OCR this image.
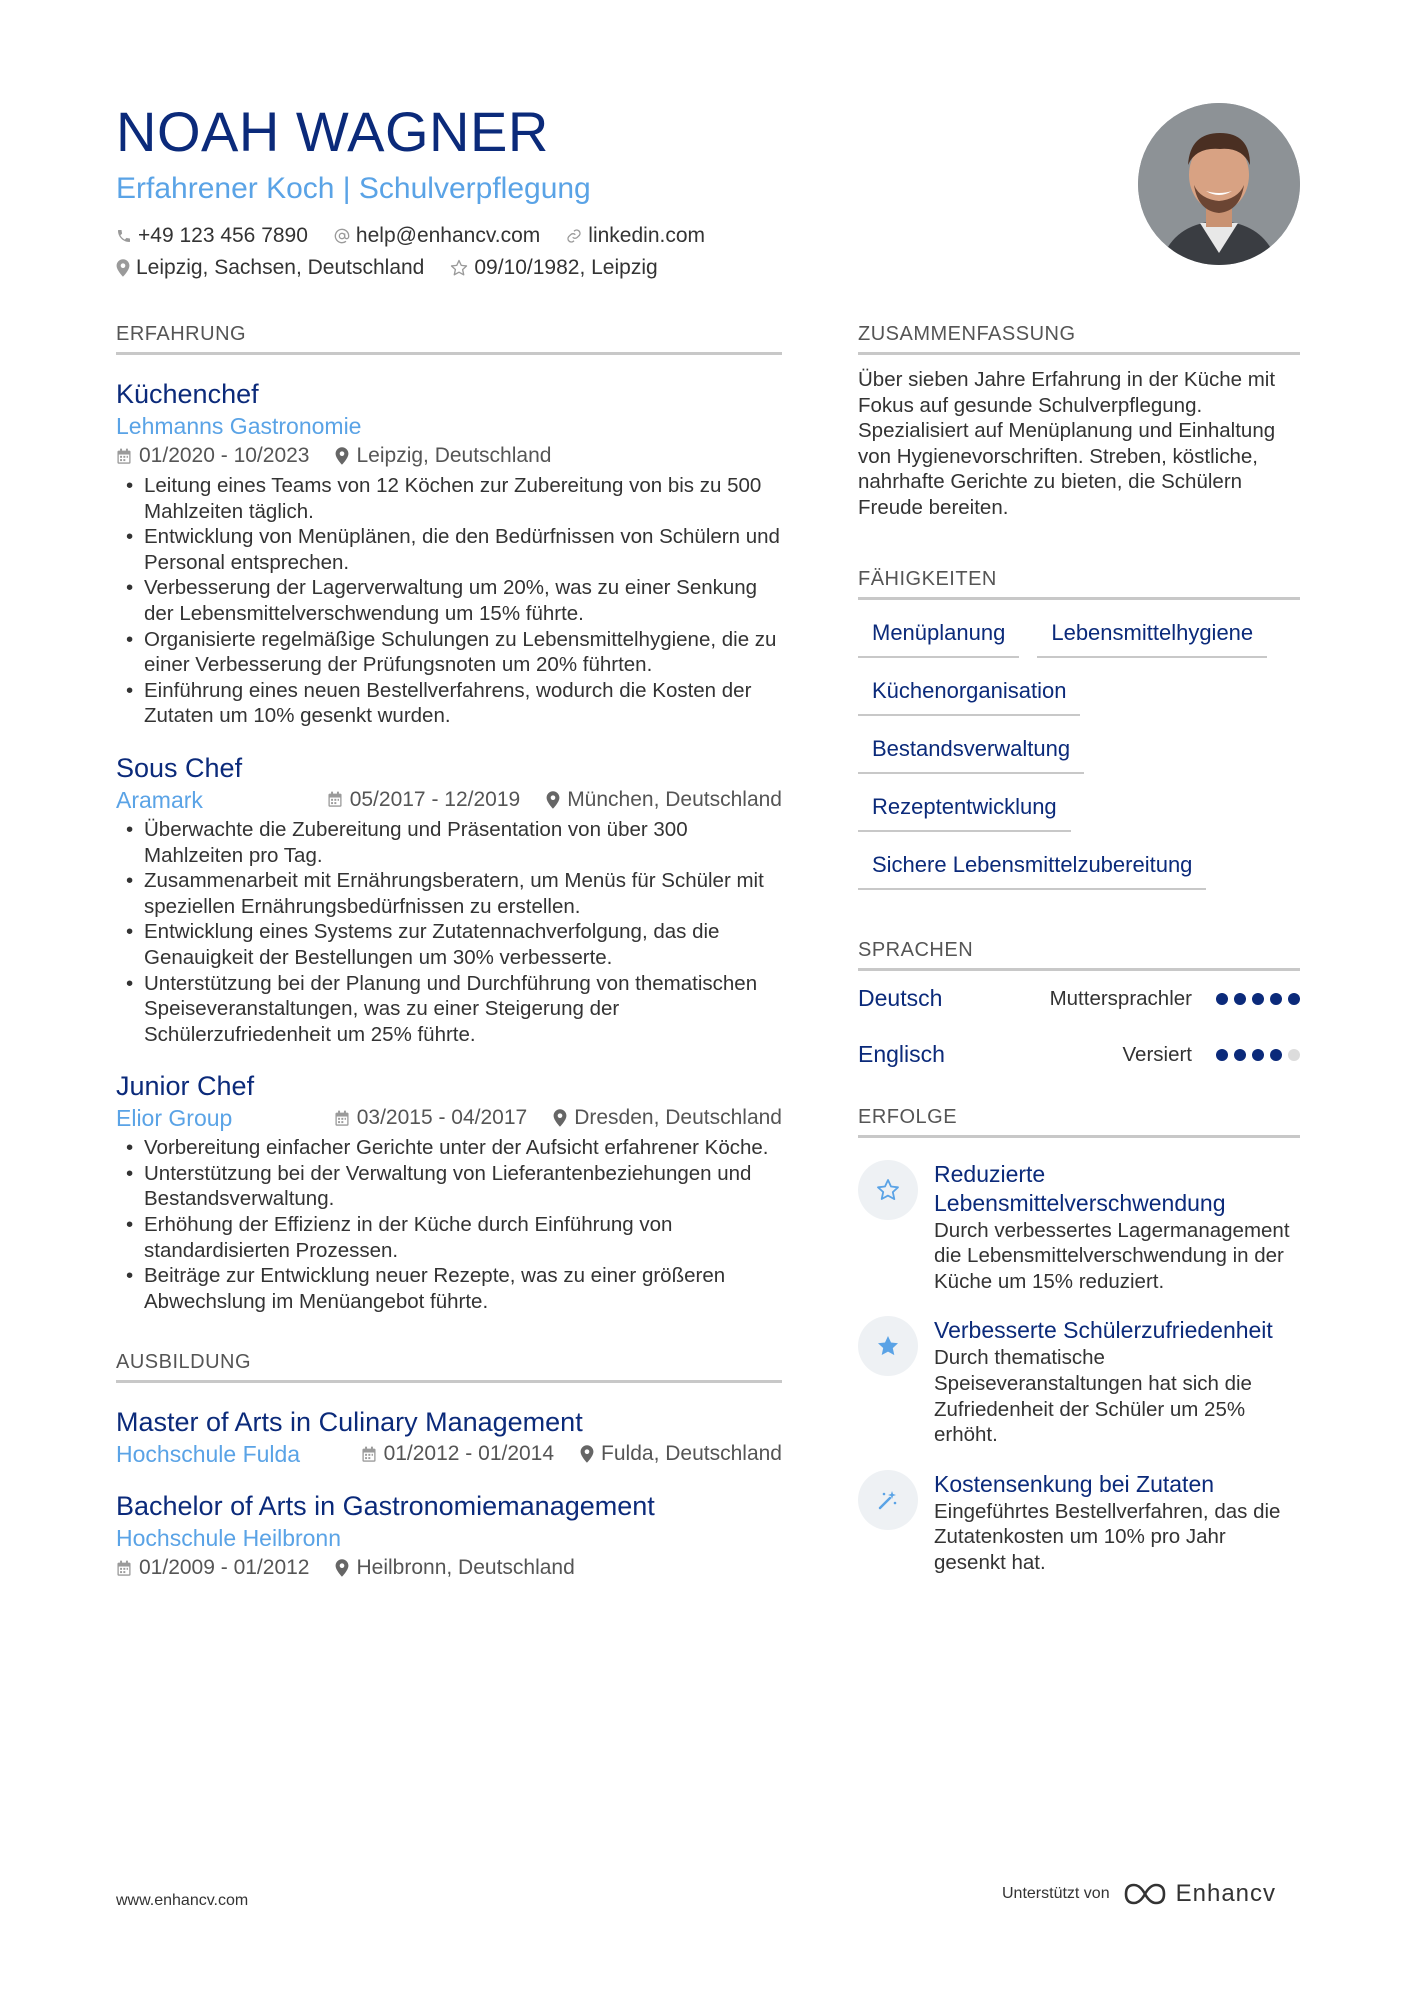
NOAH WAGNER
Erfahrener Koch | Schulverpflegung
+49 123 456 7890 help@enhancv.com linkedin.com
Leipzig, Sachsen, Deutschland 09/10/1982, Leipzig
ERFAHRUNG
Küchenchef
Lehmanns Gastronomie
01/2020 - 10/2023 Leipzig, Deutschland
• Leitung eines Teams von 12 Köchen zur Zubereitung von bis zu 500 Mahlzeiten täglich.
• Entwicklung von Menüplänen, die den Bedürfnissen von Schülern und Personal entsprechen.
• Verbesserung der Lagerverwaltung um 20%, was zu einer Senkung der Lebensmittelverschwendung um 15% führte.
• Organisierte regelmäßige Schulungen zu Lebensmittelhygiene, die zu einer Verbesserung der Prüfungsnoten um 20% führten.
• Einführung eines neuen Bestellverfahrens, wodurch die Kosten der Zutaten um 10% gesenkt wurden.
Sous Chef
Aramark	05/2017 - 12/2019 München, Deutschland
• Überwachte die Zubereitung und Präsentation von über 300 Mahlzeiten pro Tag.
• Zusammenarbeit mit Ernährungsberatern, um Menüs für Schüler mit speziellen Ernährungsbedürfnissen zu erstellen.
• Entwicklung eines Systems zur Zutatennachverfolgung, das die Genauigkeit der Bestellungen um 30% verbesserte.
• Unterstützung bei der Planung und Durchführung von thematischen Speiseveranstaltungen, was zu einer Steigerung der Schülerzufriedenheit um 25% führte.
Junior Chef
Elior Group	03/2015 - 04/2017 Dresden, Deutschland
• Vorbereitung einfacher Gerichte unter der Aufsicht erfahrener Köche.
• Unterstützung bei der Verwaltung von Lieferantenbeziehungen und Bestandsverwaltung.
• Erhöhung der Effizienz in der Küche durch Einführung von standardisierten Prozessen.
• Beiträge zur Entwicklung neuer Rezepte, was zu einer größeren Abwechslung im Menüangebot führte.
AUSBILDUNG
Master of Arts in Culinary Management
Hochschule Fulda	01/2012 - 01/2014 Fulda, Deutschland
Bachelor of Arts in Gastronomiemanagement
Hochschule Heilbronn
01/2009 - 01/2012 Heilbronn, Deutschland
ZUSAMMENFASSUNG
Über sieben Jahre Erfahrung in der Küche mit Fokus auf gesunde Schulverpflegung. Spezialisiert auf Menüplanung und Einhaltung von Hygienevorschriften. Streben, köstliche, nahrhafte Gerichte zu bieten, die Schülern Freude bereiten.
FÄHIGKEITEN
Menüplanung	Lebensmittelhygiene
Küchenorganisation
Bestandsverwaltung
Rezeptentwicklung
Sichere Lebensmittelzubereitung
SPRACHEN
Deutsch	Muttersprachler
Englisch	Versiert
ERFOLGE
Reduzierte Lebensmittelverschwendung
Durch verbessertes Lagermanagement die Lebensmittelverschwendung in der Küche um 15% reduziert.
Verbesserte Schülerzufriedenheit
Durch thematische Speiseveranstaltungen hat sich die Zufriedenheit der Schüler um 25% erhöht.
Kostensenkung bei Zutaten
Eingeführtes Bestellverfahren, das die Zutatenkosten um 10% pro Jahr gesenkt hat.
www.enhancv.com	Unterstützt von	Enhancv
